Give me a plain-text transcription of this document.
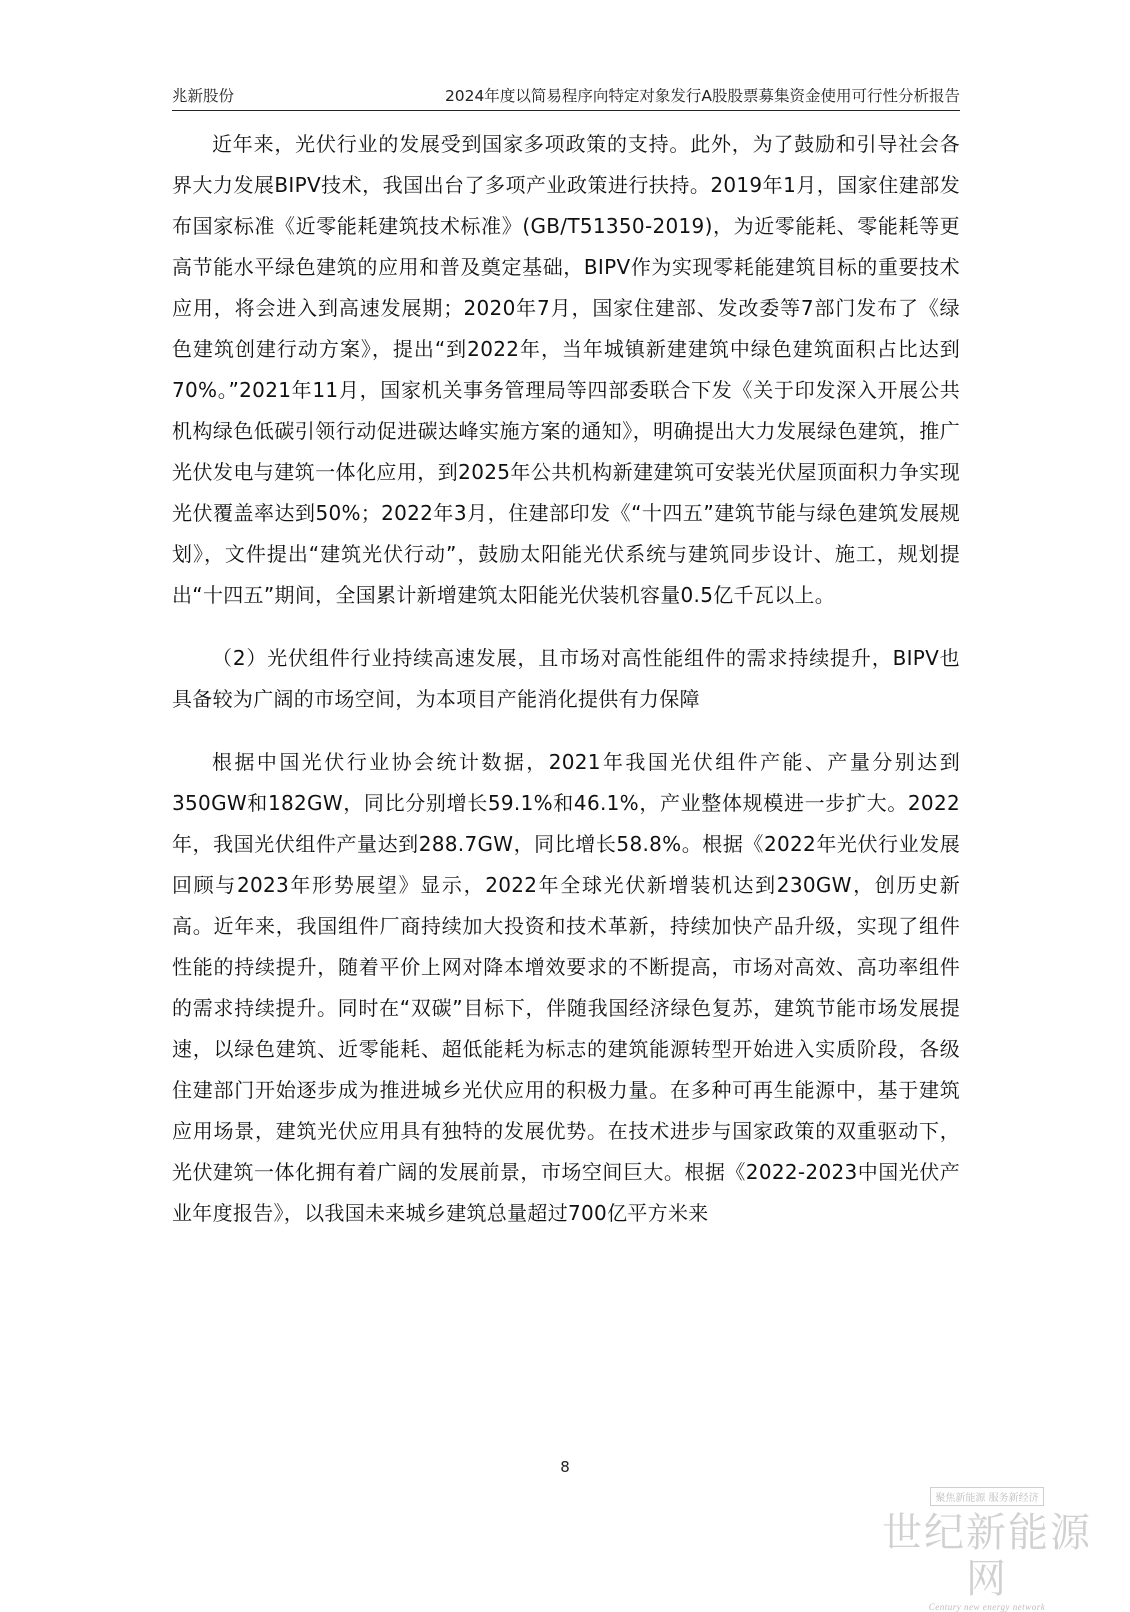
兆新股份	2024年度以简易程序向特定对象发行A股股票募集资金使用可行性分析报告

近年来，光伏行业的发展受到国家多项政策的支持。此外，为了鼓励和引导社会各界大力发展BIPV技术，我国出台了多项产业政策进行扶持。2019年1月，国家住建部发布国家标准《近零能耗建筑技术标准》(GB/T51350-2019)，为近零能耗、零能耗等更高节能水平绿色建筑的应用和普及奠定基础，BIPV作为实现零耗能建筑目标的重要技术应用，将会进入到高速发展期；2020年7月，国家住建部、发改委等7部门发布了《绿色建筑创建行动方案》，提出“到2022年，当年城镇新建建筑中绿色建筑面积占比达到70%。”2021年11月，国家机关事务管理局等四部委联合下发《关于印发深入开展公共机构绿色低碳引领行动促进碳达峰实施方案的通知》，明确提出大力发展绿色建筑，推广光伏发电与建筑一体化应用，到2025年公共机构新建建筑可安装光伏屋顶面积力争实现光伏覆盖率达到50%；2022年3月，住建部印发《“十四五”建筑节能与绿色建筑发展规划》，文件提出“建筑光伏行动”，鼓励太阳能光伏系统与建筑同步设计、施工，规划提出“十四五”期间，全国累计新增建筑太阳能光伏装机容量0.5亿千瓦以上。

（2）光伏组件行业持续高速发展，且市场对高性能组件的需求持续提升，BIPV也具备较为广阔的市场空间，为本项目产能消化提供有力保障

根据中国光伏行业协会统计数据，2021年我国光伏组件产能、产量分别达到350GW和182GW，同比分别增长59.1%和46.1%，产业整体规模进一步扩大。2022年，我国光伏组件产量达到288.7GW，同比增长58.8%。根据《2022年光伏行业发展回顾与2023年形势展望》显示，2022年全球光伏新增装机达到230GW，创历史新高。近年来，我国组件厂商持续加大投资和技术革新，持续加快产品升级，实现了组件性能的持续提升，随着平价上网对降本增效要求的不断提高，市场对高效、高功率组件的需求持续提升。同时在“双碳”目标下，伴随我国经济绿色复苏，建筑节能市场发展提速，以绿色建筑、近零能耗、超低能耗为标志的建筑能源转型开始进入实质阶段，各级住建部门开始逐步成为推进城乡光伏应用的积极力量。在多种可再生能源中，基于建筑应用场景，建筑光伏应用具有独特的发展优势。在技术进步与国家政策的双重驱动下，光伏建筑一体化拥有着广阔的发展前景，市场空间巨大。根据《2022-2023中国光伏产业年度报告》，以我国未来城乡建筑总量超过700亿平方米来

8
聚焦新能源 服务新经济
世纪新能源网
Century new energy network
